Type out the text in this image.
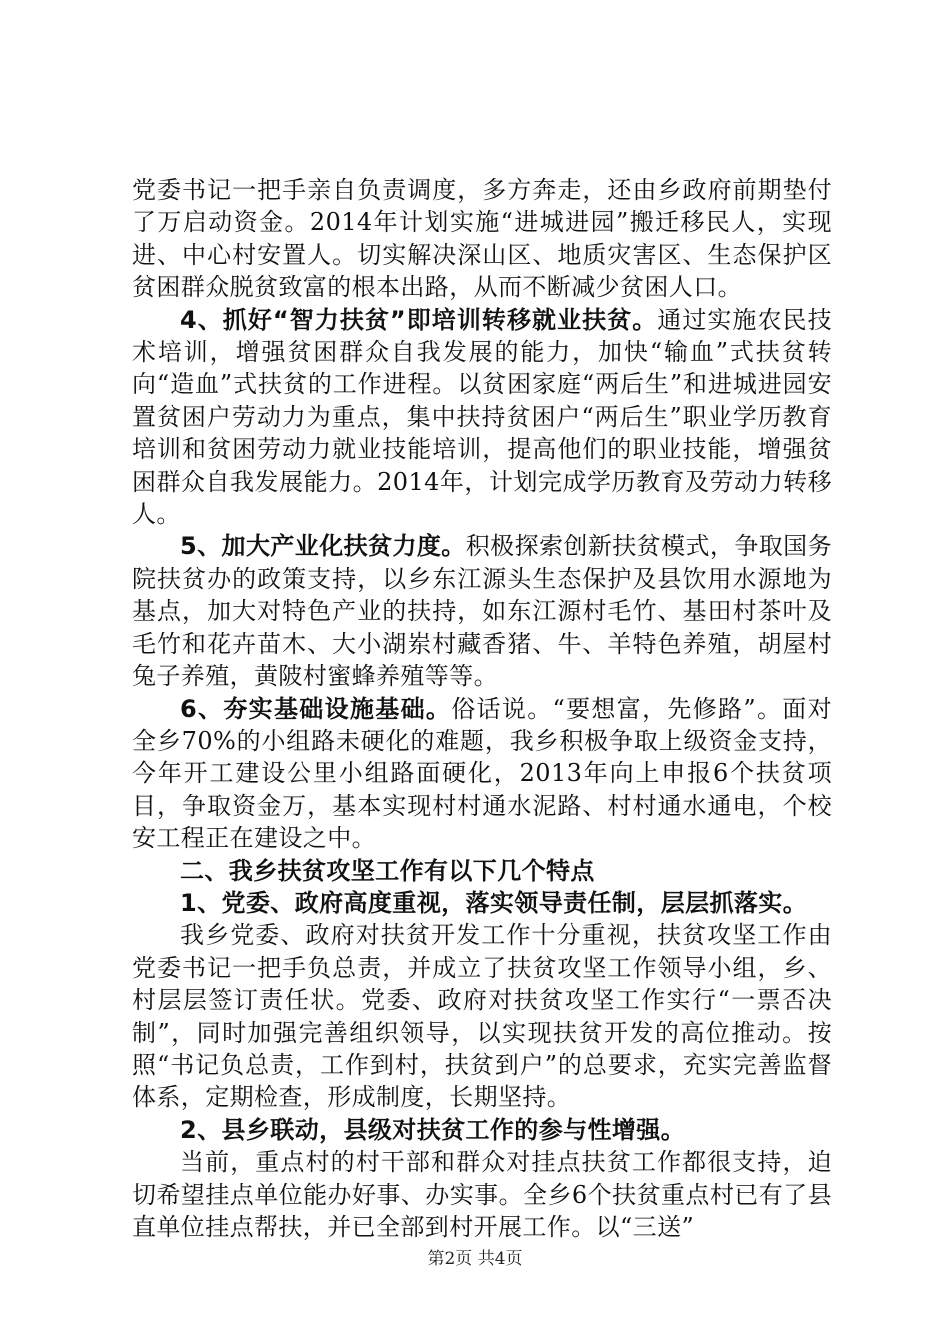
党委书记一把手亲自负责调度，多方奔走，还由乡政府前期垫付了万启动资金。2014年计划实施“进城进园”搬迁移民人，实现进、中心村安置人。切实解决深山区、地质灾害区、生态保护区贫困群众脱贫致富的根本出路，从而不断减少贫困人口。

4、抓好“智力扶贫”即培训转移就业扶贫。通过实施农民技术培训，增强贫困群众自我发展的能力，加快“输血”式扶贫转向“造血”式扶贫的工作进程。以贫困家庭“两后生”和进城进园安置贫困户劳动力为重点，集中扶持贫困户“两后生”职业学历教育培训和贫困劳动力就业技能培训，提高他们的职业技能，增强贫困群众自我发展能力。2014年，计划完成学历教育及劳动力转移人。

5、加大产业化扶贫力度。积极探索创新扶贫模式，争取国务院扶贫办的政策支持，以乡东江源头生态保护及县饮用水源地为基点，加大对特色产业的扶持，如东江源村毛竹、基田村茶叶及毛竹和花卉苗木、大小湖岽村藏香猪、牛、羊特色养殖，胡屋村兔子养殖，黄陂村蜜蜂养殖等等。

6、夯实基础设施基础。俗话说。“要想富，先修路”。面对全乡70%的小组路未硬化的难题，我乡积极争取上级资金支持，今年开工建设公里小组路面硬化，2013年向上申报6个扶贫项目，争取资金万，基本实现村村通水泥路、村村通水通电，个校安工程正在建设之中。

二、我乡扶贫攻坚工作有以下几个特点

1、党委、政府高度重视，落实领导责任制，层层抓落实。

我乡党委、政府对扶贫开发工作十分重视，扶贫攻坚工作由党委书记一把手负总责，并成立了扶贫攻坚工作领导小组，乡、村层层签订责任状。党委、政府对扶贫攻坚工作实行“一票否决制”，同时加强完善组织领导，以实现扶贫开发的高位推动。按照“书记负总责，工作到村，扶贫到户”的总要求，充实完善监督体系，定期检查，形成制度，长期坚持。

2、县乡联动，县级对扶贫工作的参与性增强。

当前，重点村的村干部和群众对挂点扶贫工作都很支持，迫切希望挂点单位能办好事、办实事。全乡6个扶贫重点村已有了县直单位挂点帮扶，并已全部到村开展工作。以“三送”

第2页 共4页
